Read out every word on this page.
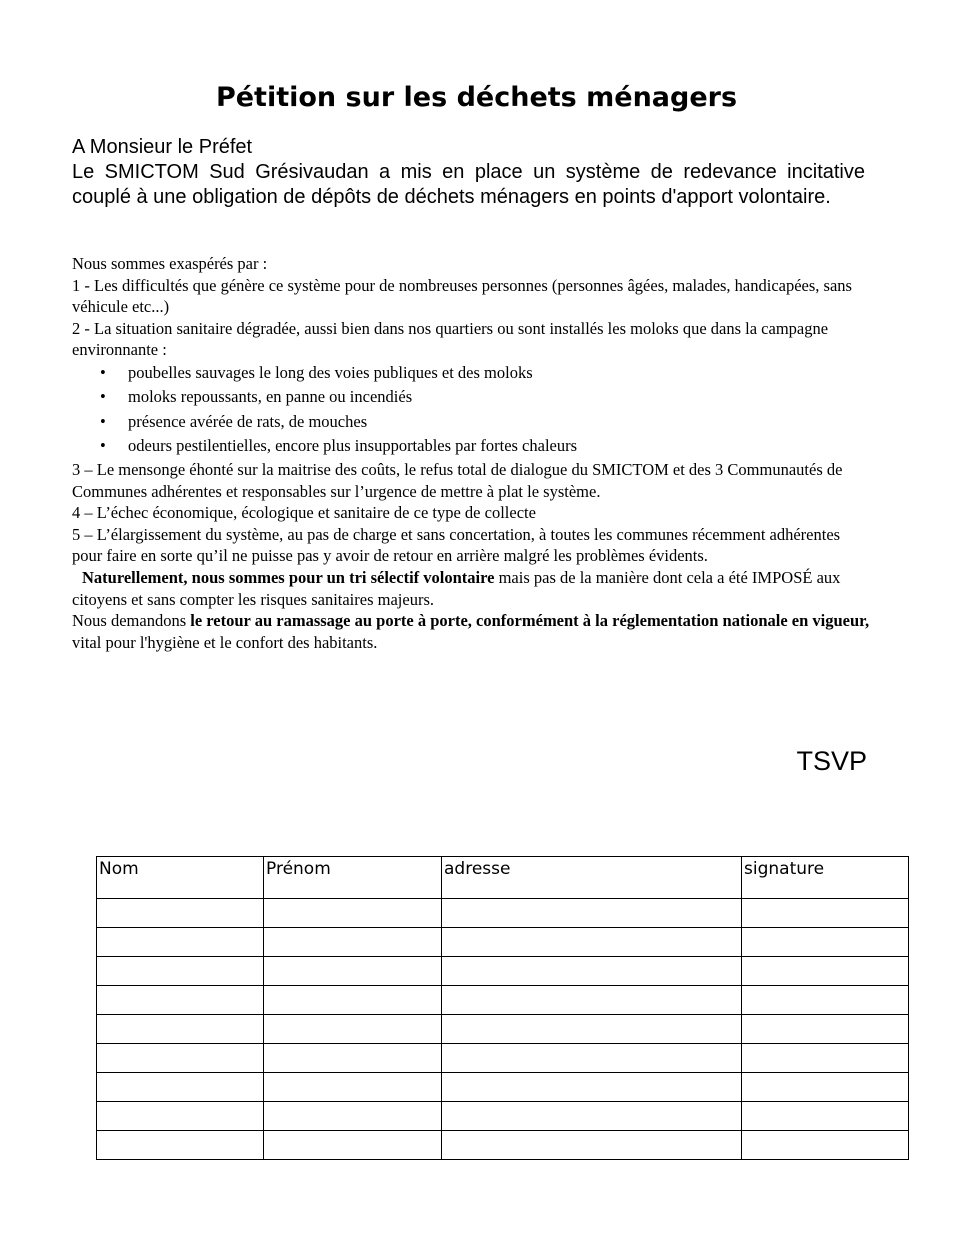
Pétition sur les déchets ménagers

A Monsieur le Préfet

Le SMICTOM Sud Grésivaudan a mis en place un système de redevance incitative couplé à une obligation de dépôts de déchets ménagers en points d'apport volontaire.

Nous sommes exaspérés par :

1 - Les difficultés que génère ce système pour de nombreuses personnes (personnes âgées, malades, handicapées, sans véhicule etc...)

2 - La situation sanitaire dégradée, aussi bien dans nos quartiers ou sont installés les moloks que dans la campagne environnante :

• poubelles sauvages le long des voies publiques et des moloks
• moloks repoussants, en panne ou incendiés
• présence avérée de rats, de mouches
• odeurs pestilentielles, encore plus insupportables par fortes chaleurs

3 – Le mensonge éhonté sur la maitrise des coûts, le refus total de dialogue du SMICTOM et des 3 Communautés de Communes adhérentes et responsables sur l’urgence de mettre à plat le système.

4 – L’échec économique, écologique et sanitaire de ce type de collecte

5 – L’élargissement du système, au pas de charge et sans concertation, à toutes les communes récemment adhérentes pour faire en sorte qu’il ne puisse pas y avoir de retour en arrière malgré les problèmes évidents.

Naturellement, nous sommes pour un tri sélectif volontaire mais pas de la manière dont cela a été IMPOSÉ aux citoyens et sans compter les risques sanitaires majeurs.

Nous demandons le retour au ramassage au porte à porte, conformément à la réglementation nationale en vigueur, vital pour l'hygiène et le confort des habitants.

TSVP
Nom	Prénom	adresse	signature
